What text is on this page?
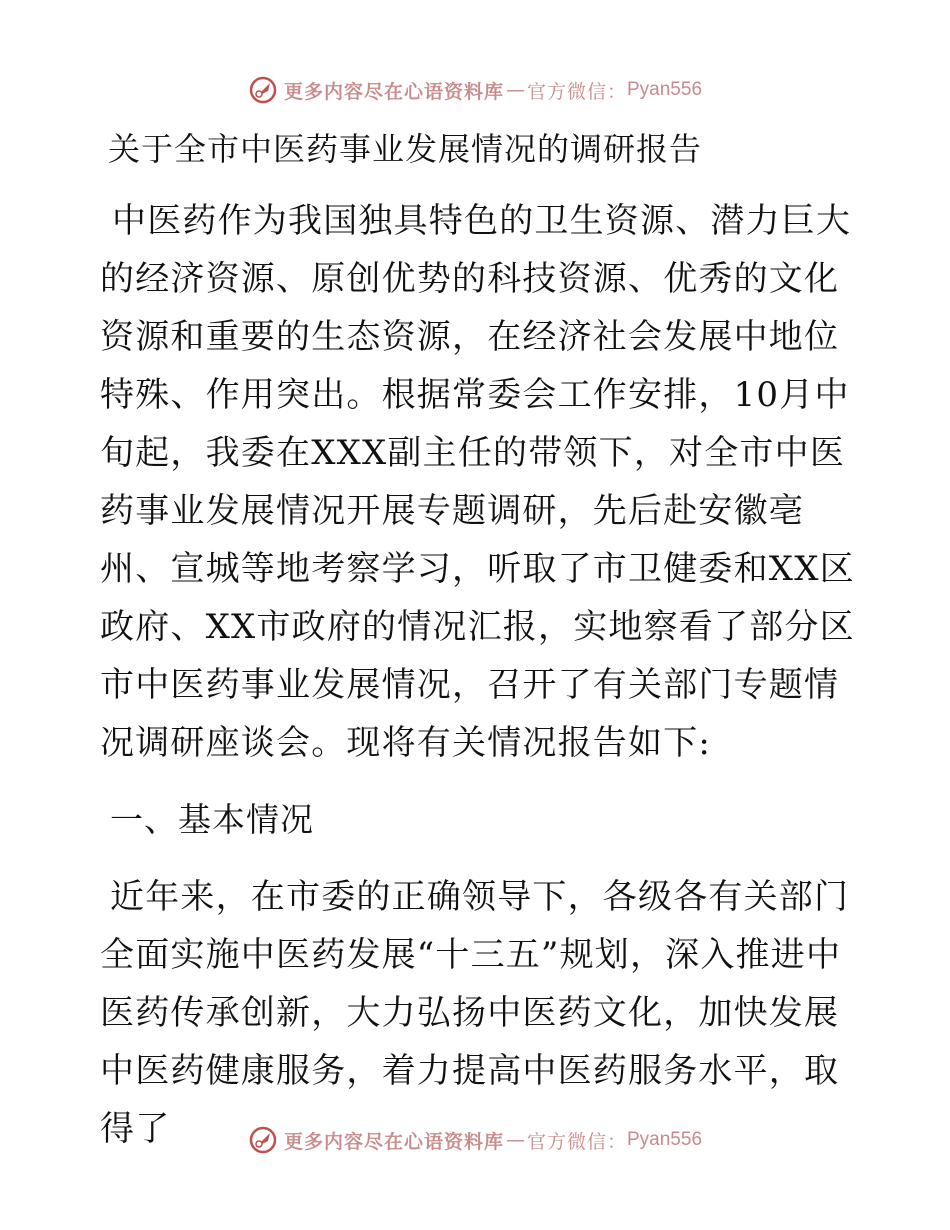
更多内容尽在心语资料库 — 官方微信： Pyan556
关于全市中医药事业发展情况的调研报告

中医药作为我国独具特色的卫生资源、潜力巨大的经济资源、原创优势的科技资源、优秀的文化资源和重要的生态资源，在经济社会发展中地位特殊、作用突出。根据常委会工作安排，10月中旬起，我委在XXX副主任的带领下，对全市中医药事业发展情况开展专题调研，先后赴安徽亳州、宣城等地考察学习，听取了市卫健委和XX区政府、XX市政府的情况汇报，实地察看了部分区市中医药事业发展情况，召开了有关部门专题情况调研座谈会。现将有关情况报告如下:

一、基本情况

近年来，在市委的正确领导下，各级各有关部门全面实施中医药发展“十三五”规划，深入推进中医药传承创新，大力弘扬中医药文化，加快发展中医药健康服务，着力提高中医药服务水平，取得了	更多内容尽在心语资料库 — 官方微信： Pyan556
